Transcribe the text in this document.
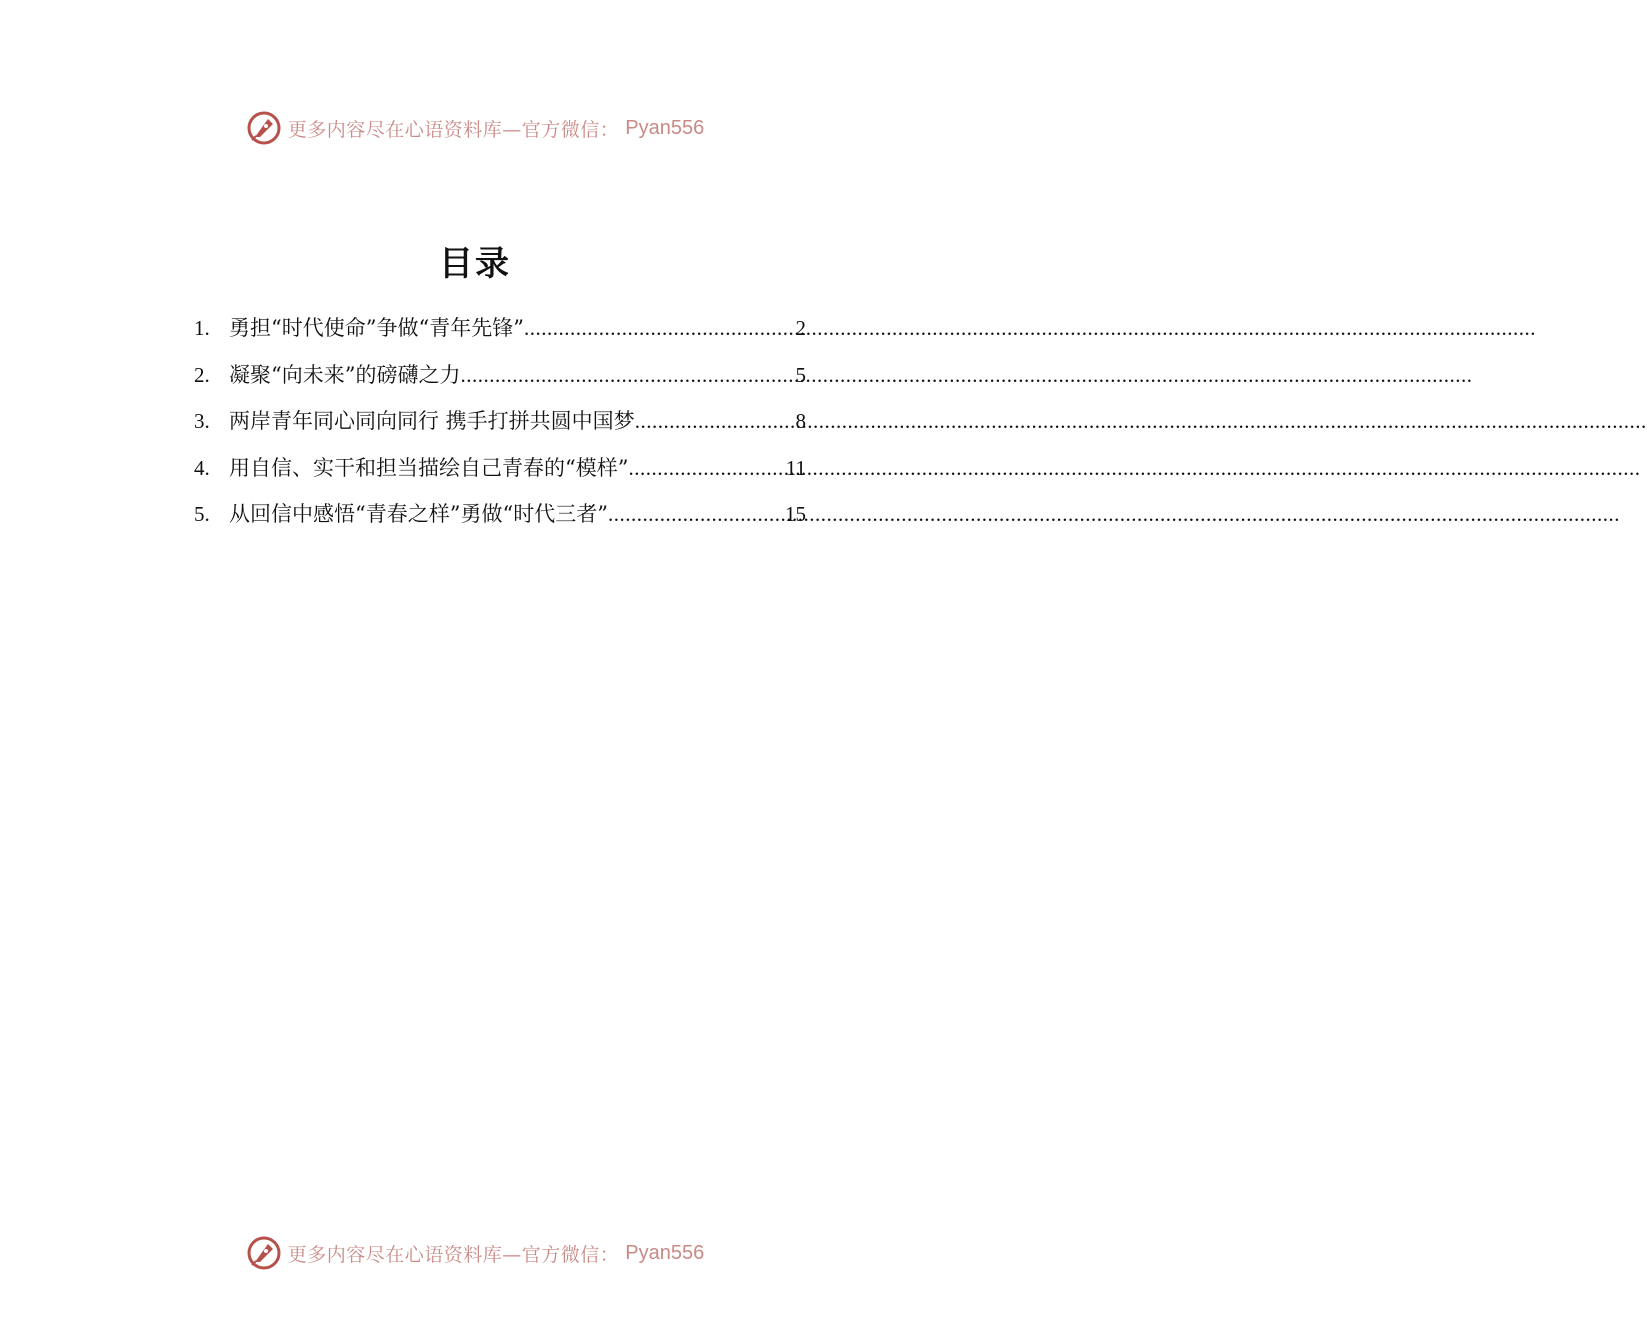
更多内容尽在心语资料库—官方微信： Pyan556
目录
1. 勇担“时代使命”争做“青年先锋” .....	2
2. 凝聚“向未来”的磅礴之力 .....	5
3. 两岸青年同心同向同行 携手打拼共圆中国梦 .....	8
4. 用自信、实干和担当描绘自己青春的“模样” .....	11
5. 从回信中感悟“青春之样”勇做“时代三者” .....	15
更多内容尽在心语资料库—官方微信： Pyan556
